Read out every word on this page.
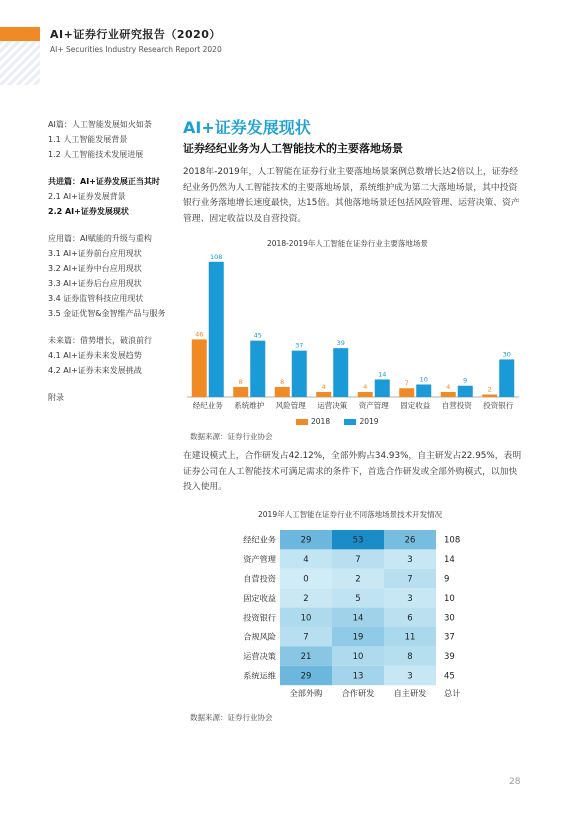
AI+证券行业研究报告（2020）
AI+ Securities Industry Research Report 2020
AI篇：人工智能发展如火如荼
1.1 人工智能发展背景
1.2 人工智能技术发展进展
共进篇：AI+证券发展正当其时
2.1 AI+证券发展背景
2.2 AI+证券发展现状
应用篇：AI赋能的升级与重构
3.1 AI+证券前台应用现状
3.2 AI+证券中台应用现状
3.3 AI+证券后台应用现状
3.4 证券监管科技应用现状
3.5 金证优智&金智维产品与服务
未来篇：借势增长，破浪前行
4.1 AI+证券未来发展趋势
4.2 AI+证券未来发展挑战
附录
AI+证券发展现状
证券经纪业务为人工智能技术的主要落地场景
2018年-2019年，人工智能在证券行业主要落地场景案例总数增长达2倍以上，证券经纪业务仍然为人工智能技术的主要落地场景，系统维护成为第二大落地场景，其中投资银行业务落地增长速度最快，达15倍。其他落地场景还包括风险管理、运营决策、资产管理、固定收益以及自营投资。
2018-2019年人工智能在证券行业主要落地场景
46
108
经纪业务
8
45
系统维护
8
37
风险管理
4
39
运营决策
4
14
资产管理
7 10
固定收益
4
9
自营投资
2
30
投资银行
2018	2019
数据来源：证券行业协会
在建设模式上，合作研发占42.12%，全部外购占34.93%，自主研发占22.95%，表明证券公司在人工智能技术可满足需求的条件下，首选合作研发或全部外购模式，以加快投入使用。
2019年人工智能在证券行业不同落地场景技术开发情况
经纪业务	29	53	26	108
资产管理	4	7	3	14
自营投资	0	2	7	9
固定收益	2	5	3	10
投资银行	10	14	6	30
合规风险	7	19	11	37
运营决策	21	10	8	39
系统运维	29	13	3	45
全部外购 合作研发 自主研发 总计
数据来源：证券行业协会
28
